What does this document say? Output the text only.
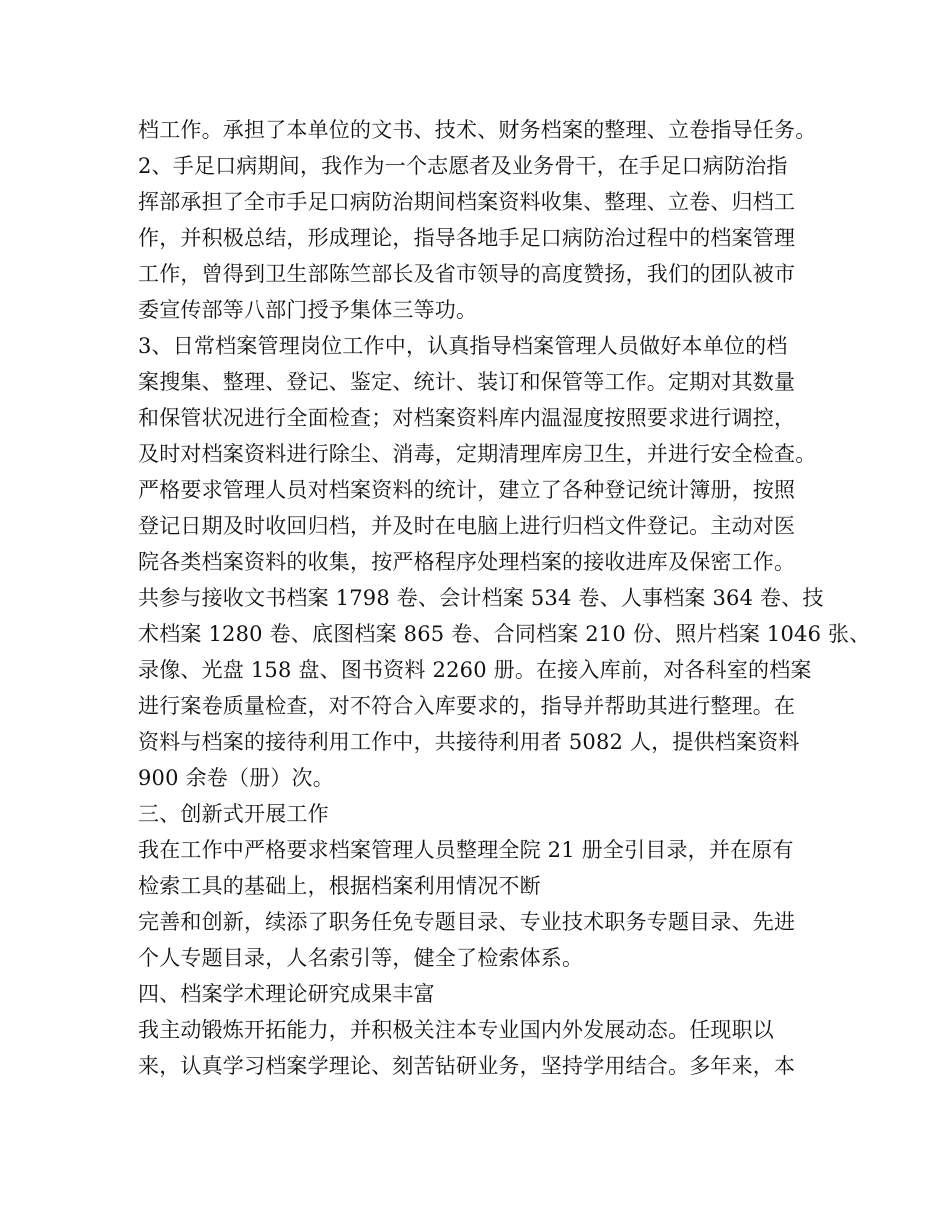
档工作。承担了本单位的文书、技术、财务档案的整理、立卷指导任务。
2、手足口病期间，我作为一个志愿者及业务骨干，在手足口病防治指
挥部承担了全市手足口病防治期间档案资料收集、整理、立卷、归档工
作，并积极总结，形成理论，指导各地手足口病防治过程中的档案管理
工作，曾得到卫生部陈竺部长及省市领导的高度赞扬，我们的团队被市
委宣传部等八部门授予集体三等功。
3、日常档案管理岗位工作中，认真指导档案管理人员做好本单位的档
案搜集、整理、登记、鉴定、统计、装订和保管等工作。定期对其数量
和保管状况进行全面检查；对档案资料库内温湿度按照要求进行调控，
及时对档案资料进行除尘、消毒，定期清理库房卫生，并进行安全检查。
严格要求管理人员对档案资料的统计，建立了各种登记统计簿册，按照
登记日期及时收回归档，并及时在电脑上进行归档文件登记。主动对医
院各类档案资料的收集，按严格程序处理档案的接收进库及保密工作。
共参与接收文书档案 1798 卷、会计档案 534 卷、人事档案 364 卷、技
术档案 1280 卷、底图档案 865 卷、合同档案 210 份、照片档案 1046 张、
录像、光盘 158 盘、图书资料 2260 册。在接入库前，对各科室的档案
进行案卷质量检查，对不符合入库要求的，指导并帮助其进行整理。在
资料与档案的接待利用工作中，共接待利用者 5082 人，提供档案资料
900 余卷（册）次。
三、创新式开展工作
我在工作中严格要求档案管理人员整理全院 21 册全引目录，并在原有
检索工具的基础上，根据档案利用情况不断
完善和创新，续添了职务任免专题目录、专业技术职务专题目录、先进
个人专题目录，人名索引等，健全了检索体系。
四、档案学术理论研究成果丰富
我主动锻炼开拓能力，并积极关注本专业国内外发展动态。任现职以
来，认真学习档案学理论、刻苦钻研业务，坚持学用结合。多年来，本
